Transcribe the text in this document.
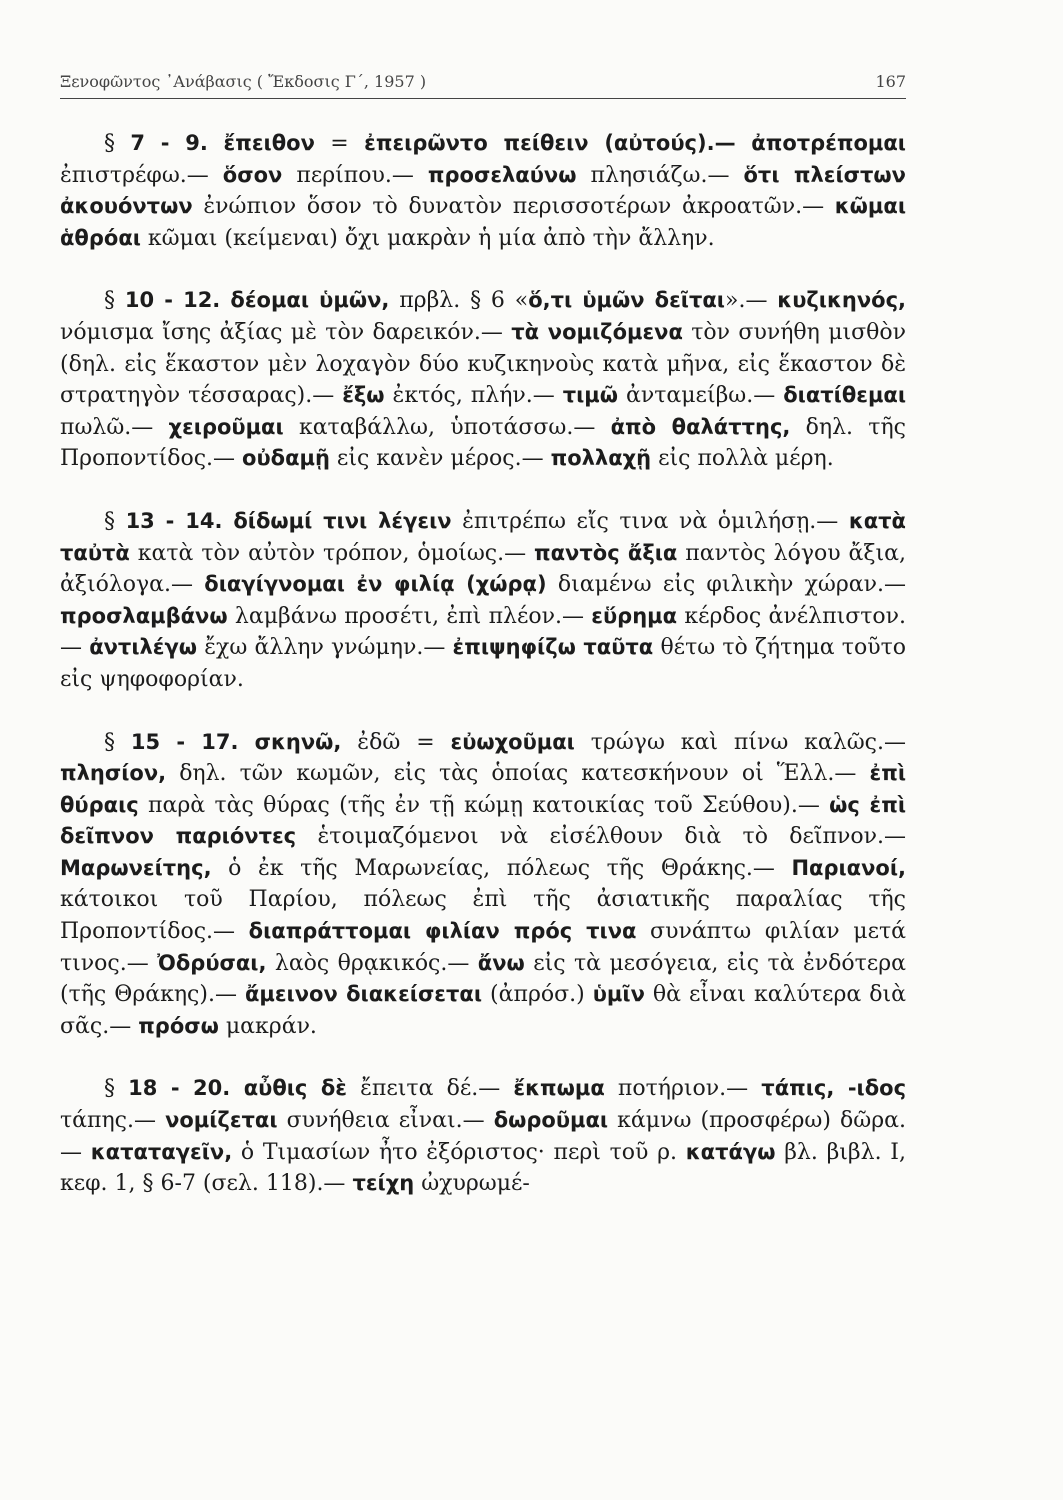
Ξενοφῶντος ᾿Ανάβασις ( Ἔκδοσις Γ΄, 1957 )	167

§ 7 - 9. ἔπειθον = ἐπειρῶντο πείθειν (αὐτούς).— ἀποτρέπομαι ἐπιστρέφω.— ὅσον περίπου.— προσελαύνω πλησιάζω.— ὅτι πλείστων ἀκουόντων ἐνώπιον ὅσον τὸ δυνατὸν περισσοτέρων ἀκροατῶν.— κῶμαι ἁθρόαι κῶμαι (κείμεναι) ὄχι μακρὰν ἡ μία ἀπὸ τὴν ἄλλην.

§ 10 - 12. δέομαι ὑμῶν, πρβλ. § 6 «ὅ,τι ὑμῶν δεῖται».— κυζικηνός, νόμισμα ἴσης ἀξίας μὲ τὸν δαρεικόν.— τὰ νομιζόμενα τὸν συνήθη μισθὸν (δηλ. εἰς ἕκαστον μὲν λοχαγὸν δύο κυζικηνοὺς κατὰ μῆνα, εἰς ἕκαστον δὲ στρατηγὸν τέσσαρας).— ἔξω ἐκτός, πλήν.— τιμῶ ἀνταμείβω.— διατίθεμαι πωλῶ.— χειροῦμαι καταβάλλω, ὑποτάσσω.— ἀπὸ θαλάττης, δηλ. τῆς Προποντίδος.— οὐδαμῇ εἰς κανὲν μέρος.— πολλαχῇ εἰς πολλὰ μέρη.

§ 13 - 14. δίδωμί τινι λέγειν ἐπιτρέπω εἴς τινα νὰ ὁμιλήσῃ.— κατὰ ταὐτὰ κατὰ τὸν αὐτὸν τρόπον, ὁμοίως.— παντὸς ἄξια παντὸς λόγου ἄξια, ἀξιόλογα.— διαγίγνομαι ἐν φιλίᾳ (χώρᾳ) διαμένω εἰς φιλικὴν χώραν.— προσλαμβάνω λαμβάνω προσέτι, ἐπὶ πλέον.— εὕρημα κέρδος ἀνέλπιστον.— ἀντιλέγω ἔχω ἄλλην γνώμην.— ἐπιψηφίζω ταῦτα θέτω τὸ ζήτημα τοῦτο εἰς ψηφοφορίαν.

§ 15 - 17. σκηνῶ, ἐδῶ = εὐωχοῦμαι τρώγω καὶ πίνω καλῶς.— πλησίον, δηλ. τῶν κωμῶν, εἰς τὰς ὁποίας κατεσκήνουν οἱ Ἕλλ.— ἐπὶ θύραις παρὰ τὰς θύρας (τῆς ἐν τῇ κώμῃ κατοικίας τοῦ Σεύθου).— ὡς ἐπὶ δεῖπνον παριόντες ἑτοιμαζόμενοι νὰ εἰσέλθουν διὰ τὸ δεῖπνον.— Μαρωνείτης, ὁ ἐκ τῆς Μαρωνείας, πόλεως τῆς Θράκης.— Παριανοί, κάτοικοι τοῦ Παρίου, πόλεως ἐπὶ τῆς ἀσιατικῆς παραλίας τῆς Προποντίδος.— διαπράττομαι φιλίαν πρός τινα συνάπτω φιλίαν μετά τινος.— Ὀδρύσαι, λαὸς θρᾳκικός.— ἄνω εἰς τὰ μεσόγεια, εἰς τὰ ἐνδότερα (τῆς Θράκης).— ἄμεινον διακείσεται (ἀπρόσ.) ὑμῖν θὰ εἶναι καλύτερα διὰ σᾶς.— πρόσω μακράν.

§ 18 - 20. αὖθις δὲ ἔπειτα δέ.— ἔκπωμα ποτήριον.— τάπις, -ιδος τάπης.— νομίζεται συνήθεια εἶναι.— δωροῦμαι κάμνω (προσφέρω) δῶρα.— καταταγεῖν, ὁ Τιμασίων ἦτο ἐξόριστος· περὶ τοῦ ρ. κατάγω βλ. βιβλ. Ι, κεφ. 1, § 6-7 (σελ. 118).— τείχη ὠχυρωμέ-
